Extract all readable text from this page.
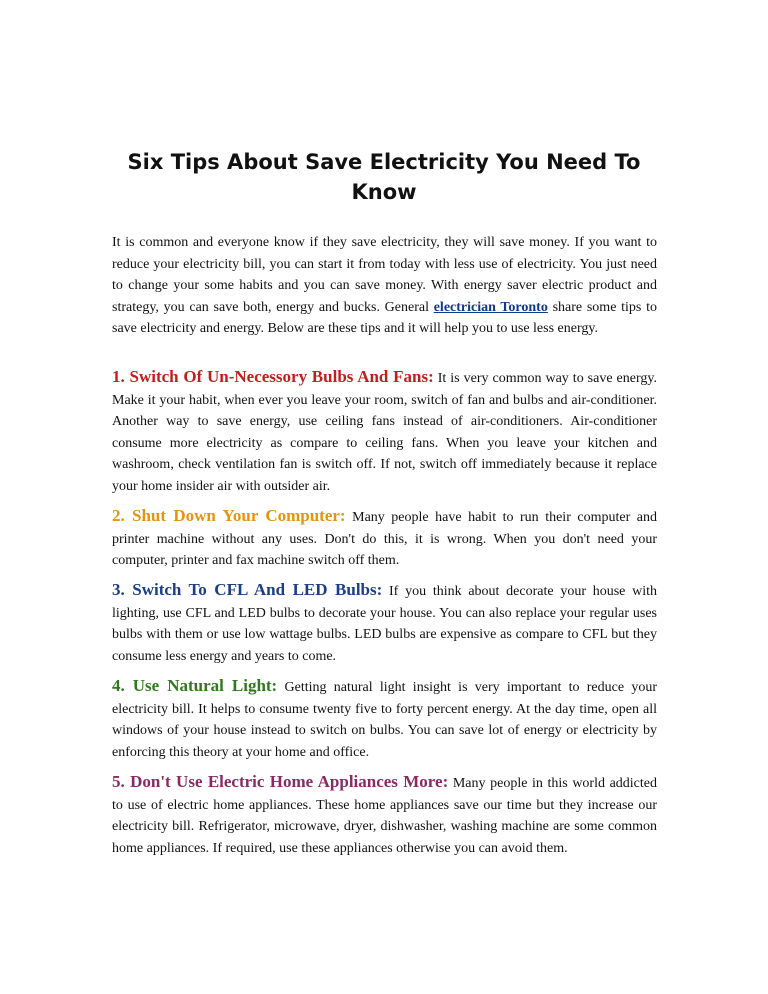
Six Tips About Save Electricity You Need To Know

It is common and everyone know if they save electricity, they will save money. If you want to reduce your electricity bill, you can start it from today with less use of electricity. You just need to change your some habits and you can save money. With energy saver electric product and strategy, you can save both, energy and bucks. General electrician Toronto share some tips to save electricity and energy. Below are these tips and it will help you to use less energy.

1. Switch Of Un-Necessory Bulbs And Fans: It is very common way to save energy. Make it your habit, when ever you leave your room, switch of fan and bulbs and air-conditioner. Another way to save energy, use ceiling fans instead of air-conditioners. Air-conditioner consume more electricity as compare to ceiling fans. When you leave your kitchen and washroom, check ventilation fan is switch off. If not, switch off immediately because it replace your home insider air with outsider air.

2. Shut Down Your Computer: Many people have habit to run their computer and printer machine without any uses. Don't do this, it is wrong. When you don't need your computer, printer and fax machine switch off them.

3. Switch To CFL And LED Bulbs: If you think about decorate your house with lighting, use CFL and LED bulbs to decorate your house. You can also replace your regular uses bulbs with them or use low wattage bulbs. LED bulbs are expensive as compare to CFL but they consume less energy and years to come.

4. Use Natural Light: Getting natural light insight is very important to reduce your electricity bill. It helps to consume twenty five to forty percent energy. At the day time, open all windows of your house instead to switch on bulbs. You can save lot of energy or electricity by enforcing this theory at your home and office.

5. Don't Use Electric Home Appliances More: Many people in this world addicted to use of electric home appliances. These home appliances save our time but they increase our electricity bill. Refrigerator, microwave, dryer, dishwasher, washing machine are some common home appliances. If required, use these appliances otherwise you can avoid them.
